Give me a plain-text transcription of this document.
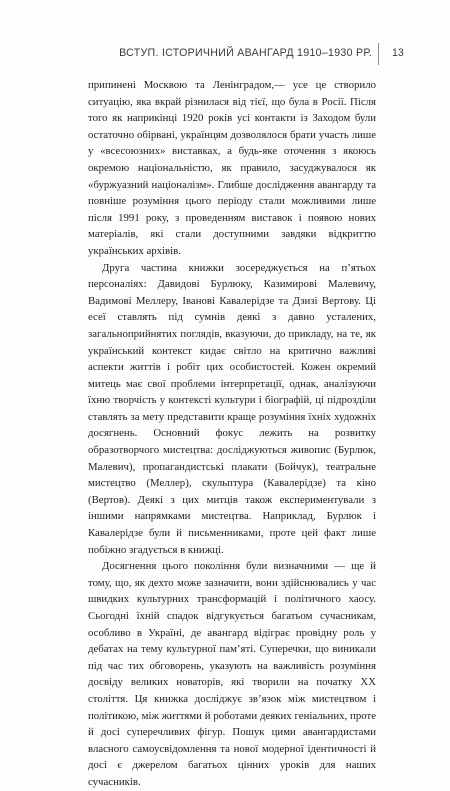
ВСТУП. ІСТОРИЧНИЙ АВАНГАРД 1910–1930 РР. 13

припинені Москвою та Ленінградом,— усе це створило ситуацію, яка вкрай різнилася від тієї, що була в Росії. Після того як наприкінці 1920 років усі контакти із Заходом були остаточно обірвані, українцям дозволялося брати участь лише у «всесоюзних» виставках, а будь-яке оточення з якоюсь окремою національністю, як правило, засуджувалося як «буржуазний націоналізм». Глибше дослідження авангарду та повніше розуміння цього періоду стали можливими лише після 1991 року, з проведенням виставок і появою нових матеріалів, які стали доступними завдяки відкриттю українських архівів.

Друга частина книжки зосереджується на п’ятьох персоналіях: Давидові Бурлюку, Казимирові Малевичу, Вадимові Меллеру, Іванові Кавалерідзе та Дзизі Вертову. Ці есеї ставлять під сумнів деякі з давно усталених, загальноприйнятих поглядів, вказуючи, до прикладу, на те, як український контекст кидає світло на критично важливі аспекти життів і робіт цих особистостей. Кожен окремий митець має свої проблеми інтерпретації, однак, аналізуючи їхню творчість у контексті культури і біографій, ці підрозділи ставлять за мету представити краще розуміння їхніх художніх досягнень. Основний фокус лежить на розвитку образотворчого мистецтва: досліджуються живопис (Бурлюк, Малевич), пропагандистські плакати (Бойчук), театральне мистецтво (Меллер), скульптура (Кавалерідзе) та кіно (Вертов). Деякі з цих митців також експериментували з іншими напрямками мистецтва. Наприклад, Бурлюк і Кавалерідзе були й письменниками, проте цей факт лише побіжно згадується в книжці.

Досягнення цього покоління були визначними — ще й тому, що, як дехто може зазначити, вони здійснювались у час швидких культурних трансформацій і політичного хаосу. Сьогодні їхній спадок відгукується багатьом сучасникам, особливо в Україні, де авангард відіграє провідну роль у дебатах на тему культурної пам’яті. Суперечки, що виникали під час тих обговорень, указують на важливість розуміння досвіду великих новаторів, які творили на початку XX століття. Ця книжка досліджує зв’язок між мистецтвом і політикою, між життями й роботами деяких геніальних, проте й досі суперечливих фігур. Пошук цими авангардистами власного самоусвідомлення та нової модерної ідентичності й досі є джерелом багатьох цінних уроків для наших сучасників.
